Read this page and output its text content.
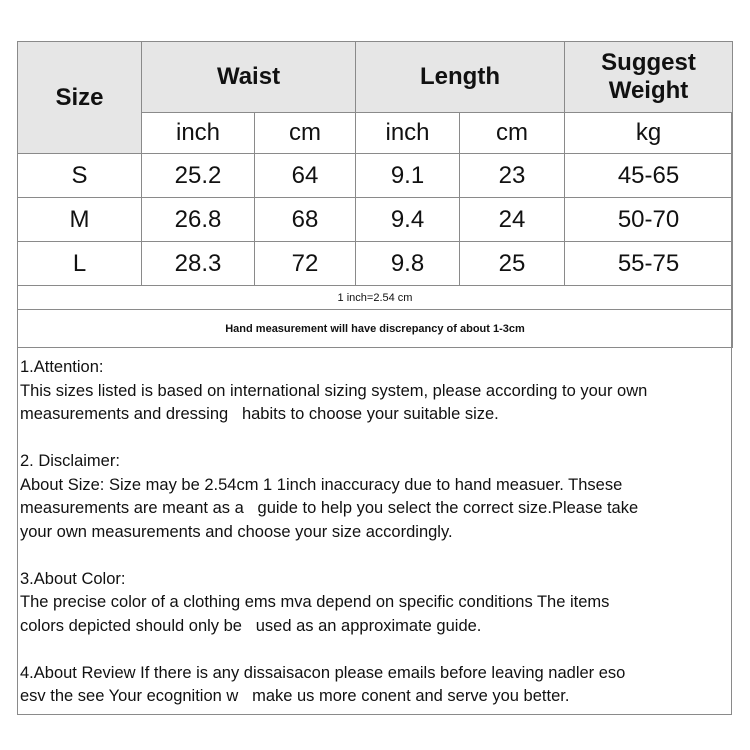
Size	Waist		Length		Suggest
Weight
	inch	cm	inch	cm	kg
S	25.2	64	9.1	23	45-65
M	26.8	68	9.4	24	50-70
L	28.3	72	9.8	25	55-75
1 inch=2.54 cm					
Hand measurement will have discrepancy of about 1-3cm					
1.Attention:
This sizes listed is based on international sizing system, please according to your own
measurements and dressing   habits to choose your suitable size.
2. Disclaimer:
About Size: Size may be 2.54cm 1 1inch inaccuracy due to hand measuer. Thsese
measurements are meant as a   guide to help you select the correct size.Please take
your own measurements and choose your size accordingly.
3.About Color:
The precise color of a clothing ems mva depend on specific conditions The items
colors depicted should only be   used as an approximate guide.
4.About Review If there is any dissaisacon please emails before leaving nadler eso
esv the see Your ecognition w   make us more conent and serve you better.
